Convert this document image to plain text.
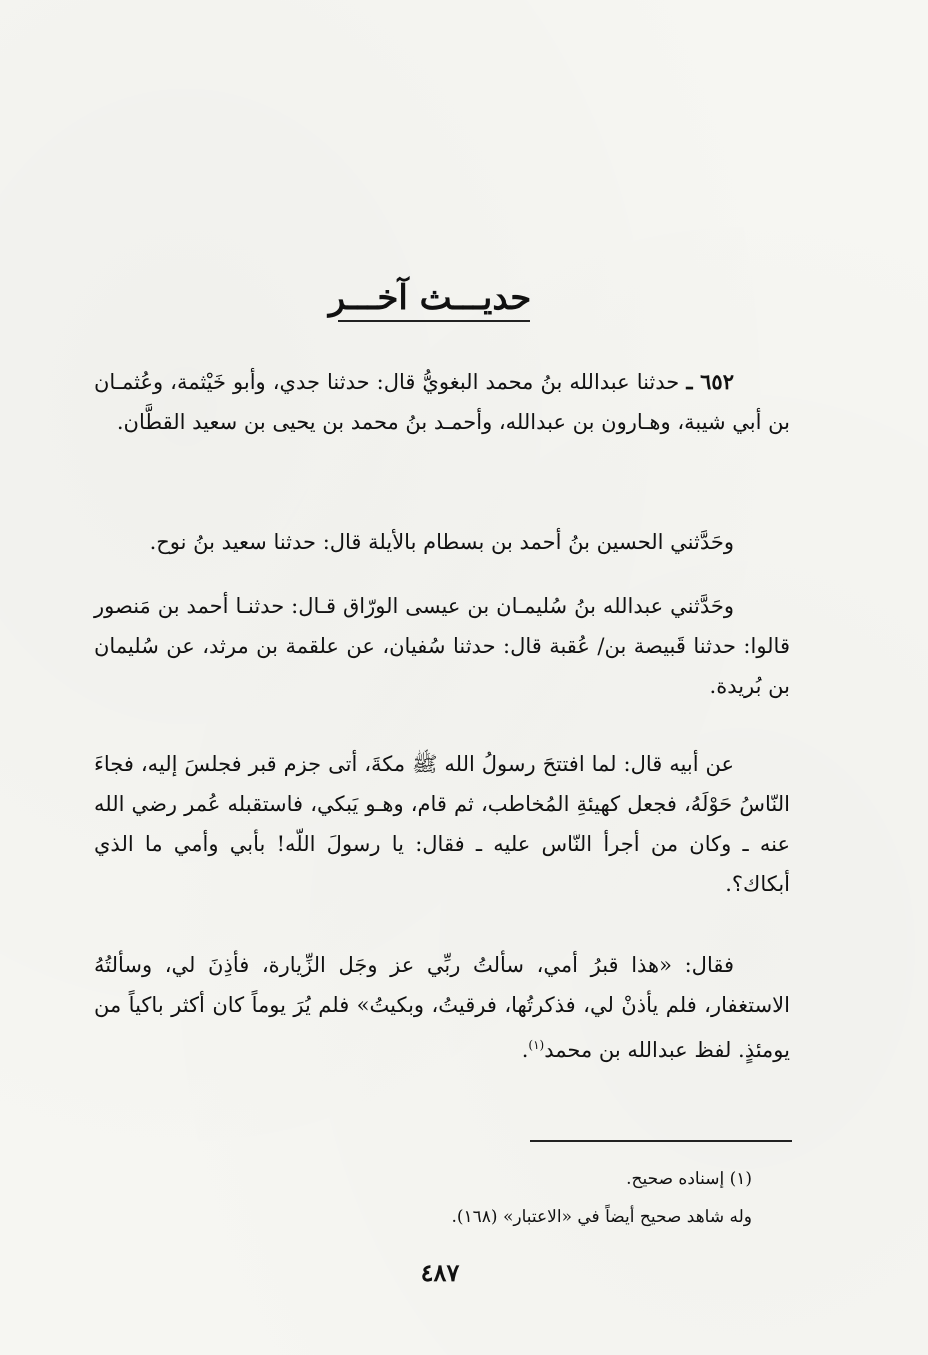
حديـــث آخـــر

٦٥٢ ـ حدثنا عبدالله بنُ محمد البغويُّ قال: حدثنا جدي، وأبو خَيْثمة، وعُثمـان بن أبي شيبة، وهـارون بن عبدالله، وأحمـد بنُ محمد بن يحيى بن سعيد القطَّان.

وحَدَّثني الحسين بنُ أحمد بن بسطام بالأيلة قال: حدثنا سعيد بنُ نوح.

وحَدَّثني عبدالله بنُ سُليمـان بن عيسى الورّاق قـال: حدثنـا أحمد بن مَنصور قالوا: حدثنا قَبيصة بن/ عُقبة قال: حدثنا سُفيان، عن علقمة بن مرثد، عن سُليمان بن بُريدة.

عن أبيه قال: لما افتتحَ رسولُ الله ﷺ مكةَ، أتى جزم قبر فجلسَ إليه، فجاءَ النّاسُ حَوْلَهُ، فجعل كهيئةِ المُخاطب، ثم قام، وهـو يَبكي، فاستقبله عُمر رضي الله عنه ـ وكان من أجرأ النّاس عليه ـ فقال: يا رسولَ اللّه! بأبي وأمي ما الذي أبكاك؟.

فقال: «هذا قبرُ أمي، سألتُ ربِّي عز وجَل الزِّيارة، فأذِنَ لي، وسألتُهُ الاستغفار، فلم يأذنْ لي، فذكرتُها، فرقيتُ، وبكيتُ» فلم يُرَ يوماً كان أكثر باكياً من يومئذٍ. لفظ عبدالله بن محمد$^{(١)}$.

(١) إسناده صحيح.
وله شاهد صحيح أيضاً في «الاعتبار» (١٦٨).
٤٨٧
